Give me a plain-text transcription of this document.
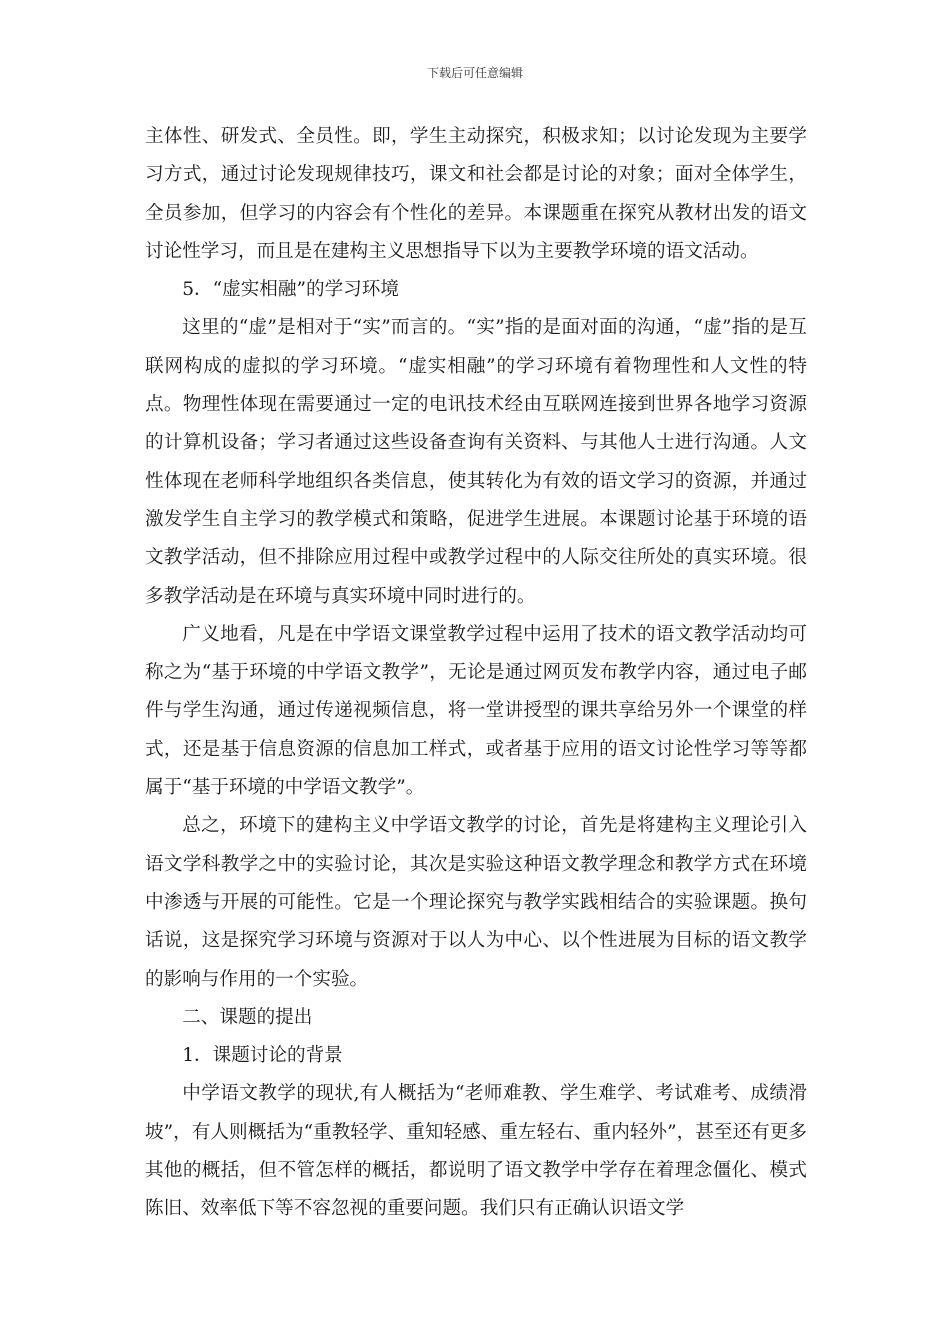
下载后可任意编辑

主体性、研发式、全员性。即，学生主动探究，积极求知；以讨论发现为主要学习方式，通过讨论发现规律技巧，课文和社会都是讨论的对象；面对全体学生，全员参加，但学习的内容会有个性化的差异。本课题重在探究从教材出发的语文讨论性学习，而且是在建构主义思想指导下以为主要教学环境的语文活动。

5．“虚实相融”的学习环境

这里的“虚”是相对于“实”而言的。“实”指的是面对面的沟通，“虚”指的是互联网构成的虚拟的学习环境。“虚实相融”的学习环境有着物理性和人文性的特点。物理性体现在需要通过一定的电讯技术经由互联网连接到世界各地学习资源的计算机设备；学习者通过这些设备查询有关资料、与其他人士进行沟通。人文性体现在老师科学地组织各类信息，使其转化为有效的语文学习的资源，并通过激发学生自主学习的教学模式和策略，促进学生进展。本课题讨论基于环境的语文教学活动，但不排除应用过程中或教学过程中的人际交往所处的真实环境。很多教学活动是在环境与真实环境中同时进行的。

广义地看，凡是在中学语文课堂教学过程中运用了技术的语文教学活动均可称之为“基于环境的中学语文教学”，无论是通过网页发布教学内容，通过电子邮件与学生沟通，通过传递视频信息，将一堂讲授型的课共享给另外一个课堂的样式，还是基于信息资源的信息加工样式，或者基于应用的语文讨论性学习等等都属于“基于环境的中学语文教学”。

总之，环境下的建构主义中学语文教学的讨论，首先是将建构主义理论引入语文学科教学之中的实验讨论，其次是实验这种语文教学理念和教学方式在环境中渗透与开展的可能性。它是一个理论探究与教学实践相结合的实验课题。换句话说，这是探究学习环境与资源对于以人为中心、以个性进展为目标的语文教学的影响与作用的一个实验。

二、课题的提出

1．课题讨论的背景

中学语文教学的现状,有人概括为“老师难教、学生难学、考试难考、成绩滑坡”，有人则概括为“重教轻学、重知轻感、重左轻右、重内轻外”，甚至还有更多其他的概括，但不管怎样的概括，都说明了语文教学中学存在着理念僵化、模式陈旧、效率低下等不容忽视的重要问题。我们只有正确认识语文学
